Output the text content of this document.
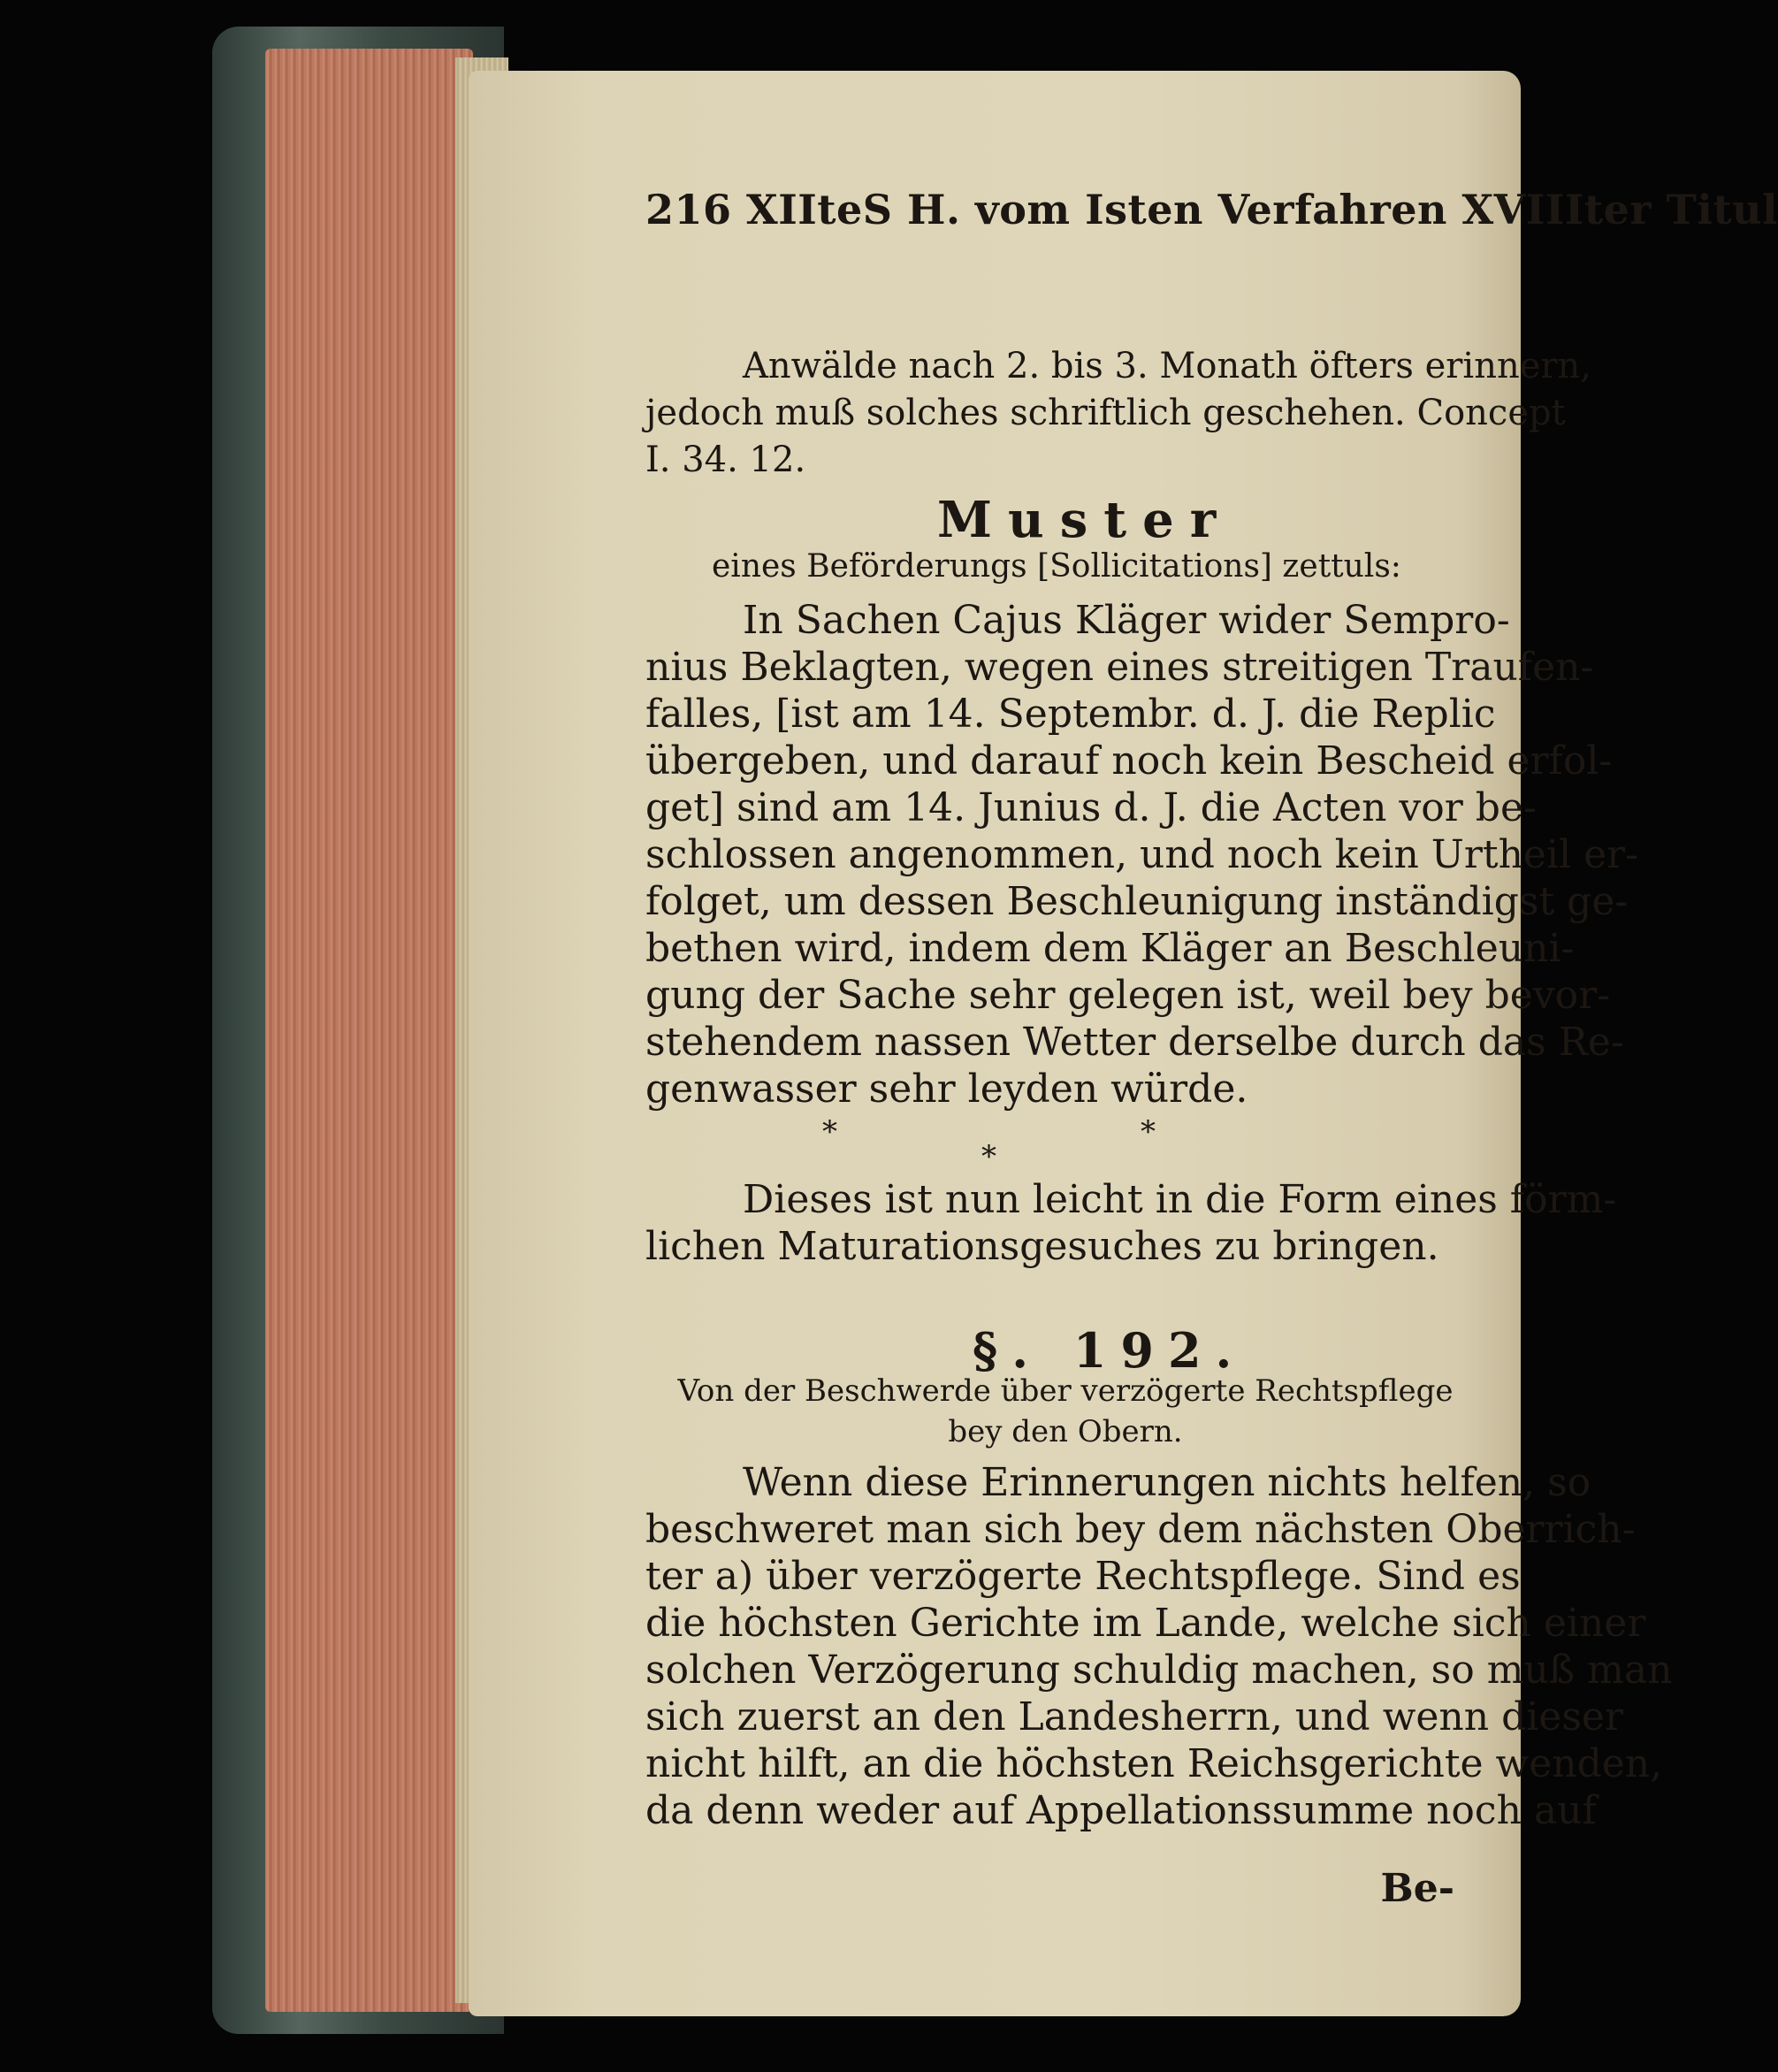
216 XIIteS H. vom Isten Verfahren XVIIIter Titul
Anwälde nach 2. bis 3. Monath öfters erinnern,
jedoch muß solches schriftlich geschehen. Concept
I. 34. 12.
Muster
eines Beförderungs [Sollicitations] zettuls:
In Sachen Cajus Kläger wider Sempro-
nius Beklagten, wegen eines streitigen Traufen-
falles, [ist am 14. Septembr. d. J. die Replic
übergeben, und darauf noch kein Bescheid erfol-
get] sind am 14. Junius d. J. die Acten vor be-
schlossen angenommen, und noch kein Urtheil er-
folget, um dessen Beschleunigung inständigst ge-
bethen wird, indem dem Kläger an Beschleuni-
gung der Sache sehr gelegen ist, weil bey bevor-
stehendem nassen Wetter derselbe durch das Re-
genwasser sehr leyden würde.
*
*
*
Dieses ist nun leicht in die Form eines förm-
lichen Maturationsgesuches zu bringen.
§. 192.
Von der Beschwerde über verzögerte Rechtspflege
bey den Obern.
Wenn diese Erinnerungen nichts helfen, so
beschweret man sich bey dem nächsten Oberrich-
ter a) über verzögerte Rechtspflege. Sind es
die höchsten Gerichte im Lande, welche sich einer
solchen Verzögerung schuldig machen, so muß man
sich zuerst an den Landesherrn, und wenn dieser
nicht hilft, an die höchsten Reichsgerichte wenden,
da denn weder auf Appellationssumme noch auf
Be-
